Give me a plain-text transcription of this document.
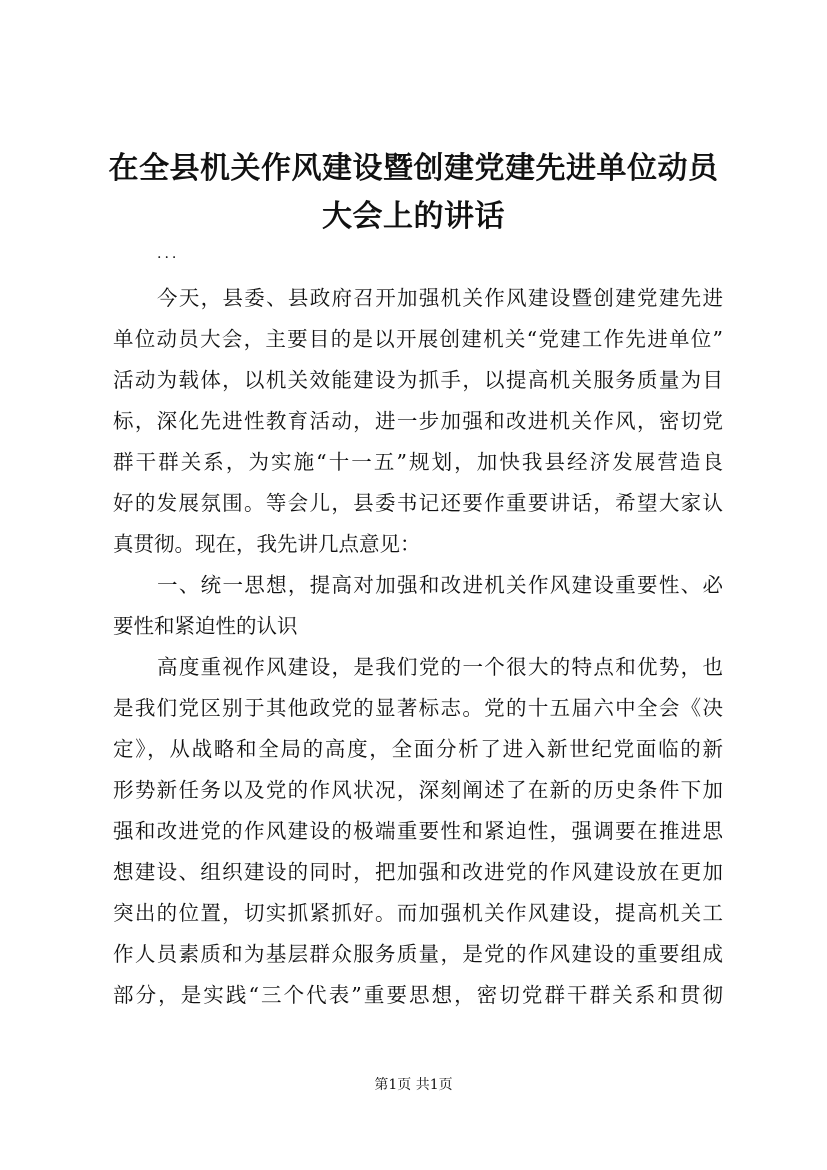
在全县机关作风建设暨创建党建先进单位动员
大会上的讲话
...
今天，县委、县政府召开加强机关作风建设暨创建党建先进
单位动员大会，主要目的是以开展创建机关“党建工作先进单位”
活动为载体，以机关效能建设为抓手，以提高机关服务质量为目
标，深化先进性教育活动，进一步加强和改进机关作风，密切党
群干群关系，为实施“十一五”规划，加快我县经济发展营造良
好的发展氛围。等会儿，县委书记还要作重要讲话，希望大家认
真贯彻。现在，我先讲几点意见：
一、统一思想，提高对加强和改进机关作风建设重要性、必
要性和紧迫性的认识
高度重视作风建设，是我们党的一个很大的特点和优势，也
是我们党区别于其他政党的显著标志。党的十五届六中全会《决
定》，从战略和全局的高度，全面分析了进入新世纪党面临的新
形势新任务以及党的作风状况，深刻阐述了在新的历史条件下加
强和改进党的作风建设的极端重要性和紧迫性，强调要在推进思
想建设、组织建设的同时，把加强和改进党的作风建设放在更加
突出的位置，切实抓紧抓好。而加强机关作风建设，提高机关工
作人员素质和为基层群众服务质量，是党的作风建设的重要组成
部分，是实践“三个代表”重要思想，密切党群干群关系和贯彻
第1页 共1页
